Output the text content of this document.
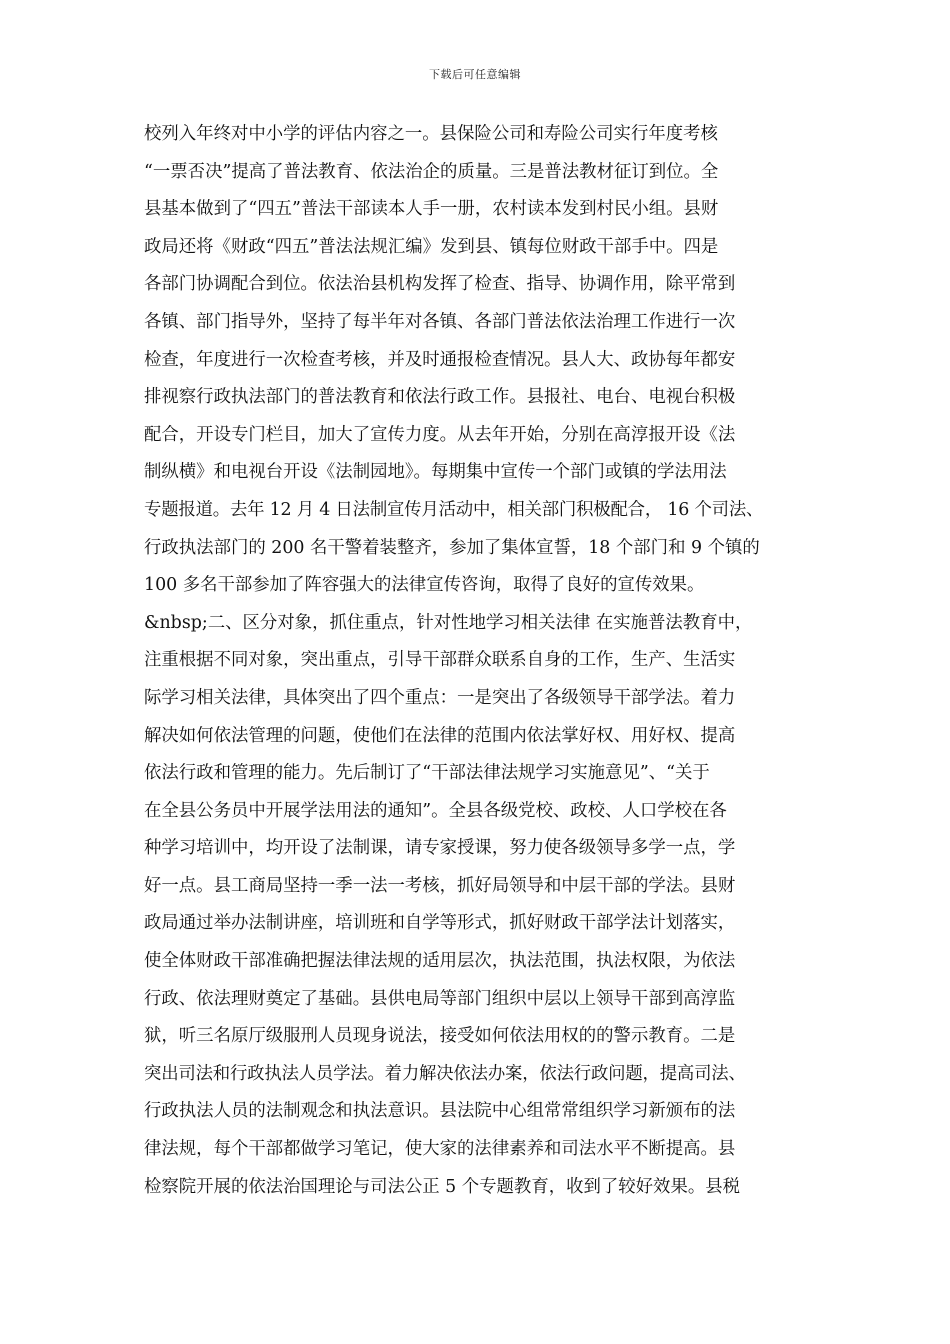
下载后可任意编辑
校列入年终对中小学的评估内容之一。县保险公司和寿险公司实行年度考核
“一票否决”提高了普法教育、依法治企的质量。三是普法教材征订到位。全
县基本做到了“四五”普法干部读本人手一册，农村读本发到村民小组。县财
政局还将《财政“四五”普法法规汇编》发到县、镇每位财政干部手中。四是
各部门协调配合到位。依法治县机构发挥了检查、指导、协调作用，除平常到
各镇、部门指导外，坚持了每半年对各镇、各部门普法依法治理工作进行一次
检查，年度进行一次检查考核，并及时通报检查情况。县人大、政协每年都安
排视察行政执法部门的普法教育和依法行政工作。县报社、电台、电视台积极
配合，开设专门栏目，加大了宣传力度。从去年开始，分别在高淳报开设《法
制纵横》和电视台开设《法制园地》。每期集中宣传一个部门或镇的学法用法
专题报道。去年 12 月 4 日法制宣传月活动中，相关部门积极配合， 16 个司法、
行政执法部门的 200 名干警着装整齐，参加了集体宣誓，18 个部门和 9 个镇的
100 多名干部参加了阵容强大的法律宣传咨询，取得了良好的宣传效果。
&nbsp;二、区分对象，抓住重点，针对性地学习相关法律 在实施普法教育中，
注重根据不同对象，突出重点，引导干部群众联系自身的工作，生产、生活实
际学习相关法律，具体突出了四个重点：一是突出了各级领导干部学法。着力
解决如何依法管理的问题，使他们在法律的范围内依法掌好权、用好权、提高
依法行政和管理的能力。先后制订了“干部法律法规学习实施意见”、“关于
在全县公务员中开展学法用法的通知”。全县各级党校、政校、人口学校在各
种学习培训中，均开设了法制课，请专家授课，努力使各级领导多学一点，学
好一点。县工商局坚持一季一法一考核，抓好局领导和中层干部的学法。县财
政局通过举办法制讲座，培训班和自学等形式，抓好财政干部学法计划落实，
使全体财政干部准确把握法律法规的适用层次，执法范围，执法权限，为依法
行政、依法理财奠定了基础。县供电局等部门组织中层以上领导干部到高淳监
狱，听三名原厅级服刑人员现身说法，接受如何依法用权的的警示教育。二是
突出司法和行政执法人员学法。着力解决依法办案，依法行政问题，提高司法、
行政执法人员的法制观念和执法意识。县法院中心组常常组织学习新颁布的法
律法规，每个干部都做学习笔记，使大家的法律素养和司法水平不断提高。县
检察院开展的依法治国理论与司法公正 5 个专题教育，收到了较好效果。县税
